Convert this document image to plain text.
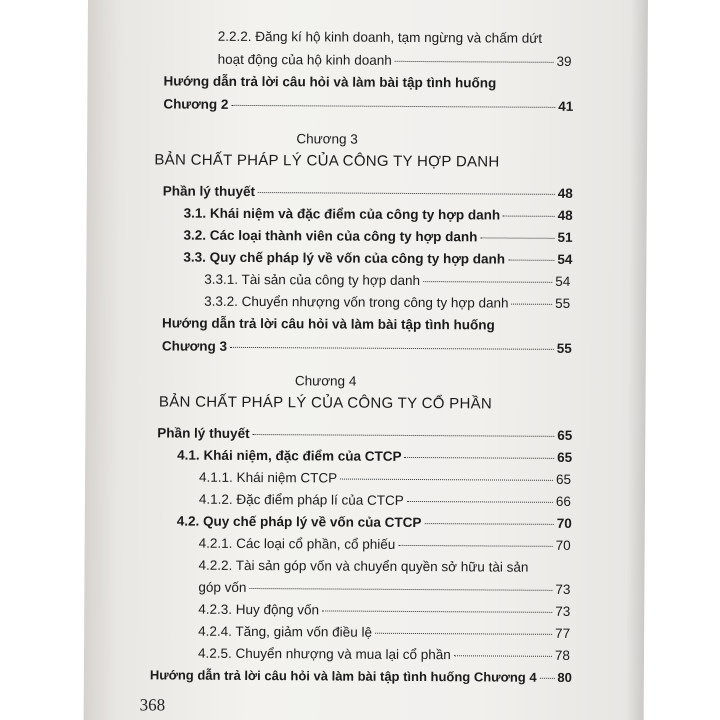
2.2.2. Đăng kí hộ kinh doanh, tạm ngừng và chấm dứt
hoạt động của hộ kinh doanh	39
Hướng dẫn trả lời câu hỏi và làm bài tập tình huống
Chương 2	41
Chương 3
BẢN CHẤT PHÁP LÝ CỦA CÔNG TY HỢP DANH
Phần lý thuyết	48
3.1. Khái niệm và đặc điểm của công ty hợp danh	48
3.2. Các loại thành viên của công ty hợp danh	51
3.3. Quy chế pháp lý về vốn của công ty hợp danh	54
3.3.1. Tài sản của công ty hợp danh	54
3.3.2. Chuyển nhượng vốn trong công ty hợp danh	55
Hướng dẫn trả lời câu hỏi và làm bài tập tình huống
Chương 3	55
Chương 4
BẢN CHẤT PHÁP LÝ CỦA CÔNG TY CỔ PHẦN
Phần lý thuyết	65
4.1. Khái niệm, đặc điểm của CTCP	65
4.1.1. Khái niệm CTCP	65
4.1.2. Đặc điểm pháp lí của CTCP	66
4.2. Quy chế pháp lý về vốn của CTCP	70
4.2.1. Các loại cổ phần, cổ phiếu	70
4.2.2. Tài sản góp vốn và chuyển quyền sở hữu tài sản
góp vốn	73
4.2.3. Huy động vốn	73
4.2.4. Tăng, giảm vốn điều lệ	77
4.2.5. Chuyển nhượng và mua lại cổ phần	78
Hướng dẫn trả lời câu hỏi và làm bài tập tình huống Chương 4 80
368
